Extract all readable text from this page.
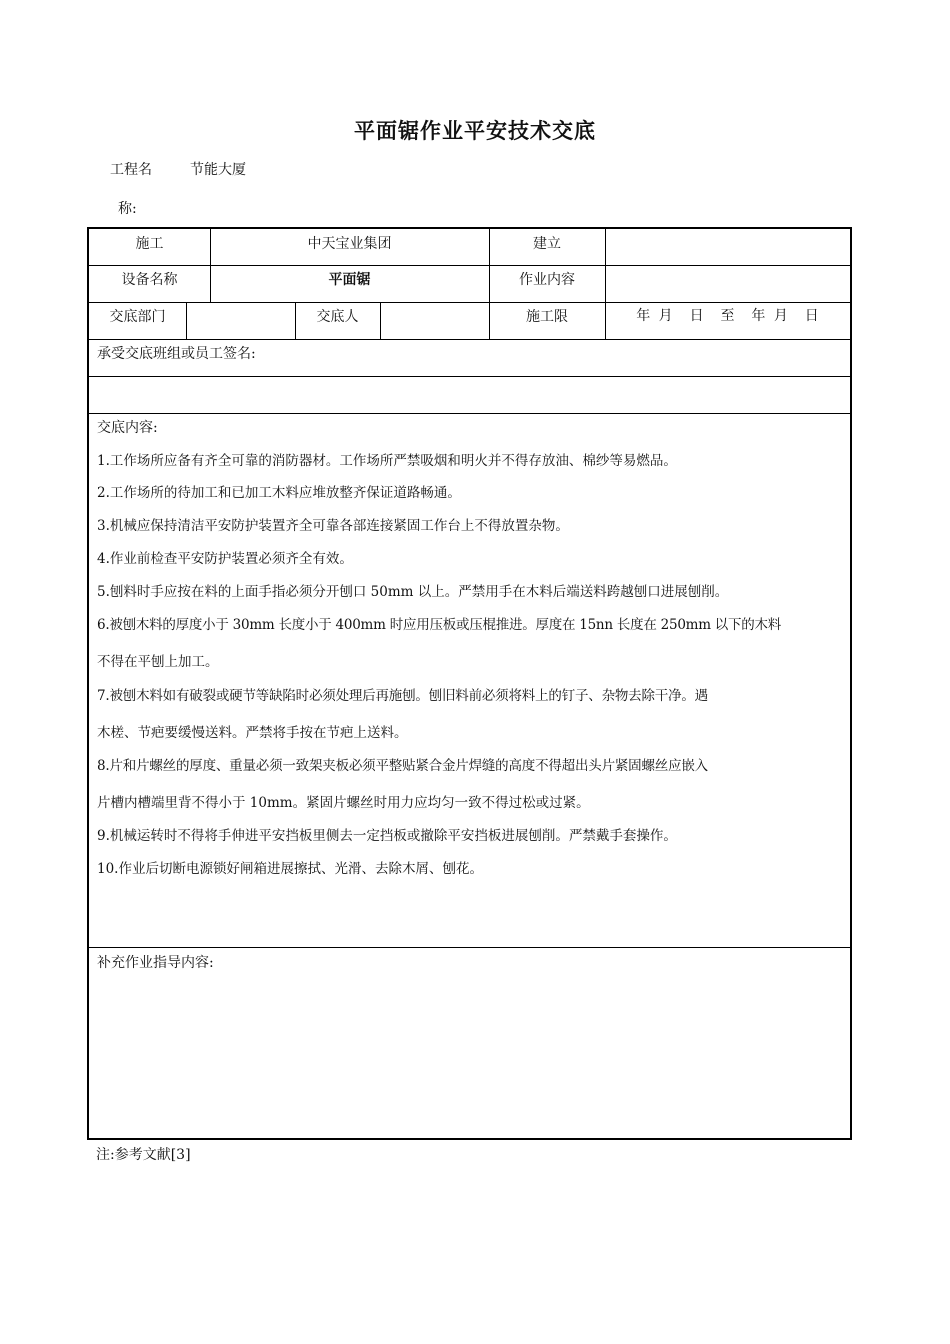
平面锯作业平安技术交底
工程名	节能大厦
称:
施工	中天宝业集团	建立
设备名称	平面锯	作业内容
交底部门	交底人	施工限	年 月  日  至  年 月  日
承受交底班组或员工签名:
交底内容:
1.工作场所应备有齐全可靠的消防器材。工作场所严禁吸烟和明火并不得存放油、棉纱等易燃品。
2.工作场所的待加工和已加工木料应堆放整齐保证道路畅通。
3.机械应保持清洁平安防护装置齐全可靠各部连接紧固工作台上不得放置杂物。
4.作业前检查平安防护装置必须齐全有效。
5.刨料时手应按在料的上面手指必须分开刨口 50mm 以上。严禁用手在木料后端送料跨越刨口进展刨削。
6.被刨木料的厚度小于 30mm 长度小于 400mm 时应用压板或压棍推进。厚度在 15nn 长度在 250mm 以下的木料
不得在平刨上加工。
7.被刨木料如有破裂或硬节等缺陷时必须处理后再施刨。刨旧料前必须将料上的钉子、杂物去除干净。遇
木槎、节疤要缓慢送料。严禁将手按在节疤上送料。
8.片和片螺丝的厚度、重量必须一致架夹板必须平整贴紧合金片焊缝的高度不得超出头片紧固螺丝应嵌入
片槽内槽端里背不得小于 10mm。紧固片螺丝时用力应均匀一致不得过松或过紧。
9.机械运转时不得将手伸进平安挡板里侧去一定挡板或撤除平安挡板进展刨削。严禁戴手套操作。
10.作业后切断电源锁好闸箱进展擦拭、光滑、去除木屑、刨花。
补充作业指导内容:
注:参考文献[3]
